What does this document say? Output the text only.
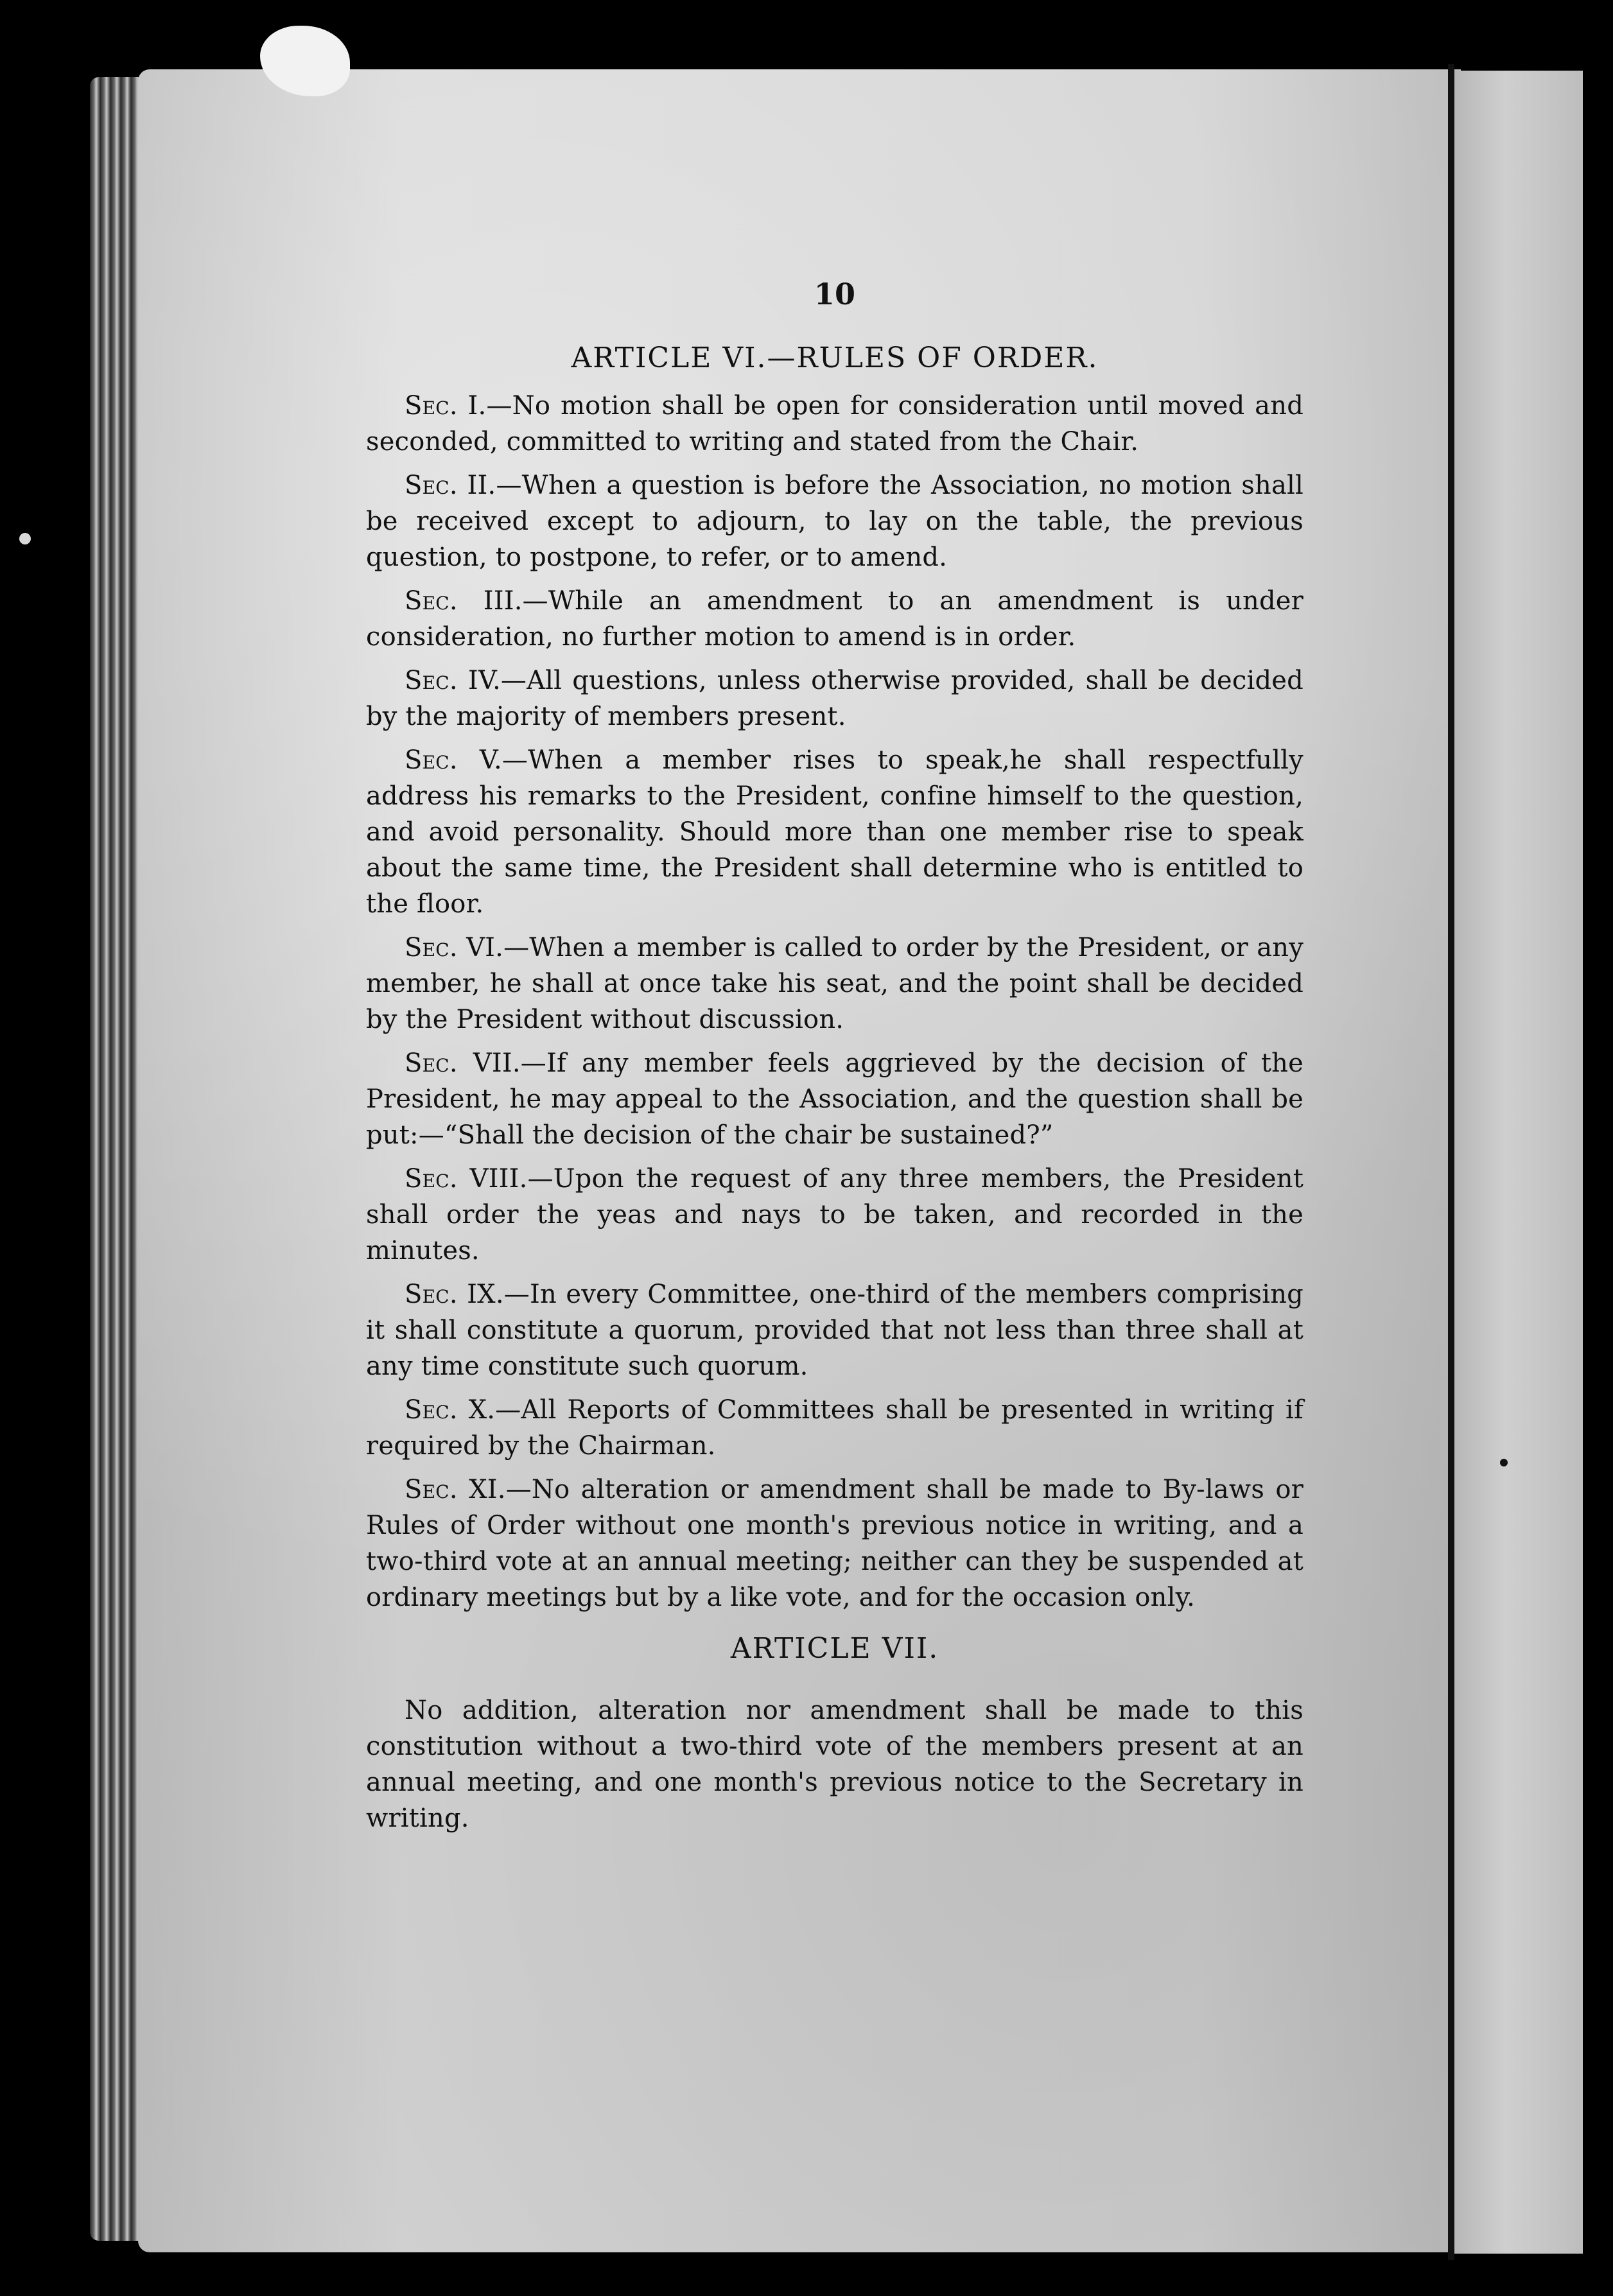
10
ARTICLE VI.—RULES OF ORDER.

Sec. I.—No motion shall be open for consideration until moved and seconded, committed to writing and stated from the Chair.

Sec. II.—When a question is before the Association, no motion shall be received except to adjourn, to lay on the table, the previous question, to postpone, to refer, or to amend.

Sec. III.—While an amendment to an amendment is under consideration, no further motion to amend is in order.

Sec. IV.—All questions, unless otherwise provided, shall be decided by the majority of members present.

Sec. V.—When a member rises to speak,he shall respectfully address his remarks to the President, confine himself to the question, and avoid personality. Should more than one member rise to speak about the same time, the President shall determine who is entitled to the floor.

Sec. VI.—When a member is called to order by the President, or any member, he shall at once take his seat, and the point shall be decided by the President without discussion.

Sec. VII.—If any member feels aggrieved by the decision of the President, he may appeal to the Association, and the question shall be put:—“Shall the decision of the chair be sustained?”

Sec. VIII.—Upon the request of any three members, the President shall order the yeas and nays to be taken, and recorded in the minutes.

Sec. IX.—In every Committee, one-third of the members comprising it shall constitute a quorum, provided that not less than three shall at any time constitute such quorum.

Sec. X.—All Reports of Committees shall be presented in writing if required by the Chairman.

Sec. XI.—No alteration or amendment shall be made to By-laws or Rules of Order without one month's previous notice in writing, and a two-third vote at an annual meeting; neither can they be suspended at ordinary meetings but by a like vote, and for the occasion only.

ARTICLE VII.

No addition, alteration nor amendment shall be made to this constitution without a two-third vote of the members present at an annual meeting, and one month's previous notice to the Secretary in writing.
